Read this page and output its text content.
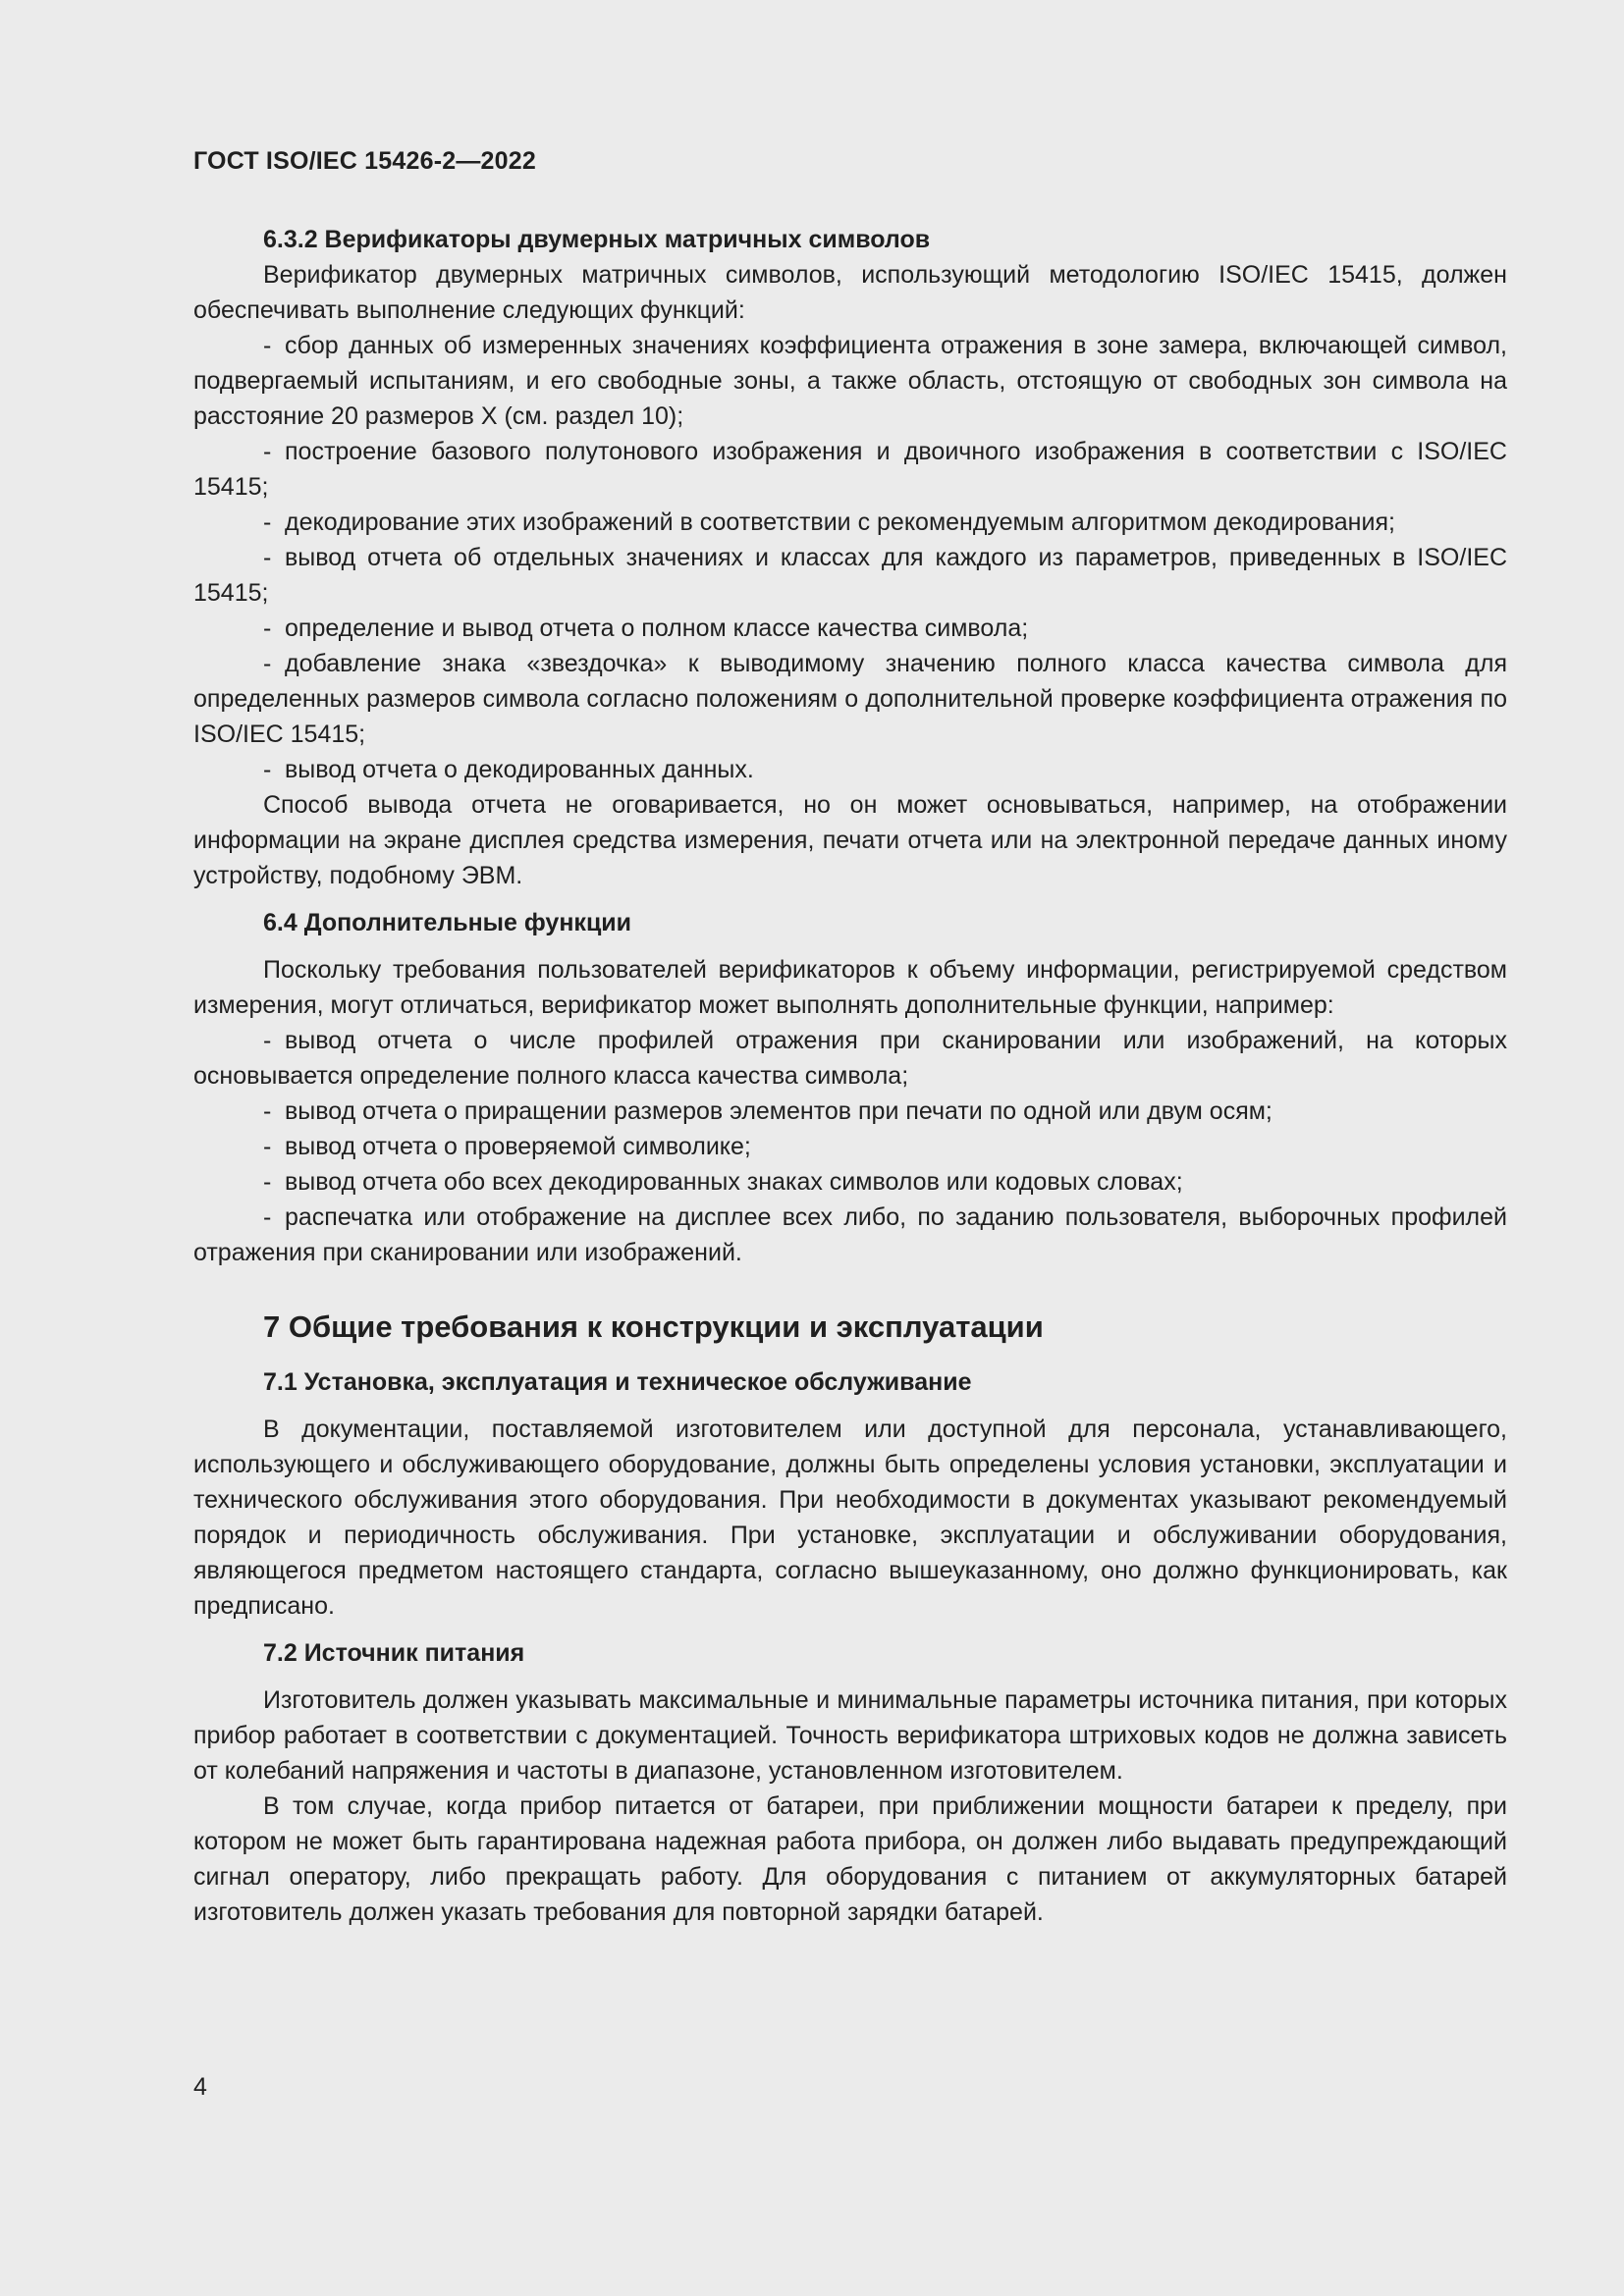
ГОСТ ISO/IEC 15426-2—2022

6.3.2 Верификаторы двумерных матричных символов

Верификатор двумерных матричных символов, использующий методологию ISO/IEC 15415, должен обеспечивать выполнение следующих функций:

- сбор данных об измеренных значениях коэффициента отражения в зоне замера, включающей символ, подвергаемый испытаниям, и его свободные зоны, а также область, отстоящую от свободных зон символа на расстояние 20 размеров X (см. раздел 10);

- построение базового полутонового изображения и двоичного изображения в соответствии с ISO/IEC 15415;

- декодирование этих изображений в соответствии с рекомендуемым алгоритмом декодирования;

- вывод отчета об отдельных значениях и классах для каждого из параметров, приведенных в ISO/IEC 15415;

- определение и вывод отчета о полном классе качества символа;

- добавление знака «звездочка» к выводимому значению полного класса качества символа для определенных размеров символа согласно положениям о дополнительной проверке коэффициента отражения по ISO/IEC 15415;

- вывод отчета о декодированных данных.

Способ вывода отчета не оговаривается, но он может основываться, например, на отображении информации на экране дисплея средства измерения, печати отчета или на электронной передаче данных иному устройству, подобному ЭВМ.

6.4 Дополнительные функции

Поскольку требования пользователей верификаторов к объему информации, регистрируемой средством измерения, могут отличаться, верификатор может выполнять дополнительные функции, например:

- вывод отчета о числе профилей отражения при сканировании или изображений, на которых основывается определение полного класса качества символа;

- вывод отчета о приращении размеров элементов при печати по одной или двум осям;

- вывод отчета о проверяемой символике;

- вывод отчета обо всех декодированных знаках символов или кодовых словах;

- распечатка или отображение на дисплее всех либо, по заданию пользователя, выборочных профилей отражения при сканировании или изображений.

7 Общие требования к конструкции и эксплуатации

7.1 Установка, эксплуатация и техническое обслуживание

В документации, поставляемой изготовителем или доступной для персонала, устанавливающего, использующего и обслуживающего оборудование, должны быть определены условия установки, эксплуатации и технического обслуживания этого оборудования. При необходимости в документах указывают рекомендуемый порядок и периодичность обслуживания. При установке, эксплуатации и обслуживании оборудования, являющегося предметом настоящего стандарта, согласно вышеуказанному, оно должно функционировать, как предписано.

7.2 Источник питания

Изготовитель должен указывать максимальные и минимальные параметры источника питания, при которых прибор работает в соответствии с документацией. Точность верификатора штриховых кодов не должна зависеть от колебаний напряжения и частоты в диапазоне, установленном изготовителем.

В том случае, когда прибор питается от батареи, при приближении мощности батареи к пределу, при котором не может быть гарантирована надежная работа прибора, он должен либо выдавать предупреждающий сигнал оператору, либо прекращать работу. Для оборудования с питанием от аккумуляторных батарей изготовитель должен указать требования для повторной зарядки батарей.

4
